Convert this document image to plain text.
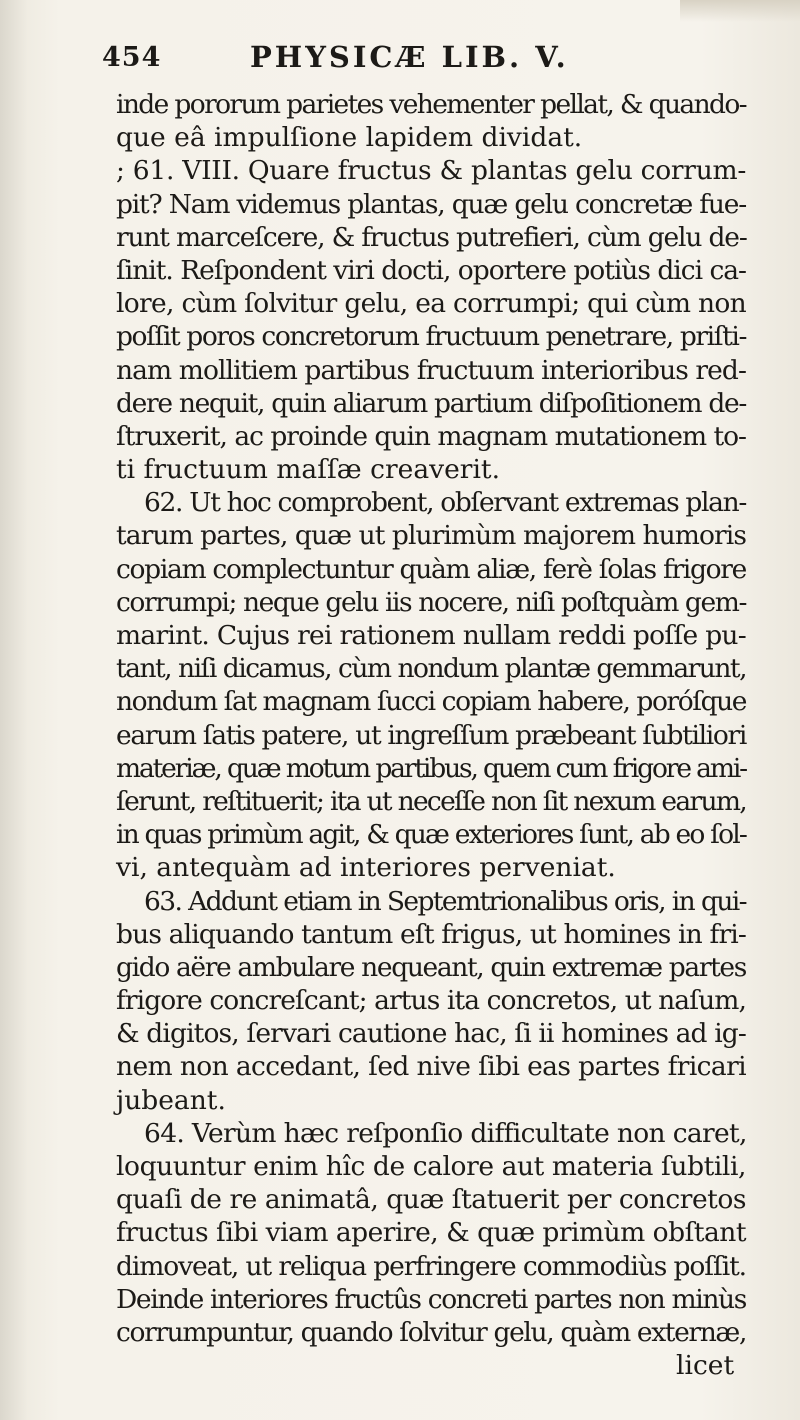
454	PHYSICÆ LIB. V.
inde pororum parietes vehementer pellat, & quando-
que eâ impulſione lapidem dividat.
; 61. VIII. Quare fructus & plantas gelu corrum-
pit? Nam videmus plantas, quæ gelu concretæ fue-
runt marceſcere, & fructus putrefieri, cùm gelu de-
ſinit. Reſpondent viri docti, oportere potiùs dici ca-
lore, cùm ſolvitur gelu, ea corrumpi; qui cùm non
poſſit poros concretorum fructuum penetrare, priſti-
nam mollitiem partibus fructuum interioribus red-
dere nequit, quin aliarum partium diſpoſitionem de-
ſtruxerit, ac proinde quin magnam mutationem to-
ti fructuum maſſæ creaverit.
62. Ut hoc comprobent, obſervant extremas plan-
tarum partes, quæ ut plurimùm majorem humoris
copiam complectuntur quàm aliæ, ferè ſolas frigore
corrumpi; neque gelu iis nocere, niſi poſtquàm gem-
marint. Cujus rei rationem nullam reddi poſſe pu-
tant, niſi dicamus, cùm nondum plantæ gemmarunt,
nondum ſat magnam ſucci copiam habere, poróſque
earum ſatis patere, ut ingreſſum præbeant ſubtiliori
materiæ, quæ motum partibus, quem cum frigore ami-
ſerunt, reſtituerit; ita ut neceſſe non ſit nexum earum,
in quas primùm agit, & quæ exteriores ſunt, ab eo ſol-
vi, antequàm ad interiores perveniat.
63. Addunt etiam in Septemtrionalibus oris, in qui-
bus aliquando tantum eſt frigus, ut homines in fri-
gido aëre ambulare nequeant, quin extremæ partes
frigore concreſcant; artus ita concretos, ut naſum,
& digitos, ſervari cautione hac, ſi ii homines ad ig-
nem non accedant, ſed nive ſibi eas partes fricari
jubeant.
64. Verùm hæc reſponſio difficultate non caret,
loquuntur enim hîc de calore aut materia ſubtili,
quaſi de re animatâ, quæ ſtatuerit per concretos
fructus ſibi viam aperire, & quæ primùm obſtant
dimoveat, ut reliqua perfringere commodiùs poſſit.
Deinde interiores fructûs concreti partes non minùs
corrumpuntur, quando ſolvitur gelu, quàm externæ,
licet
